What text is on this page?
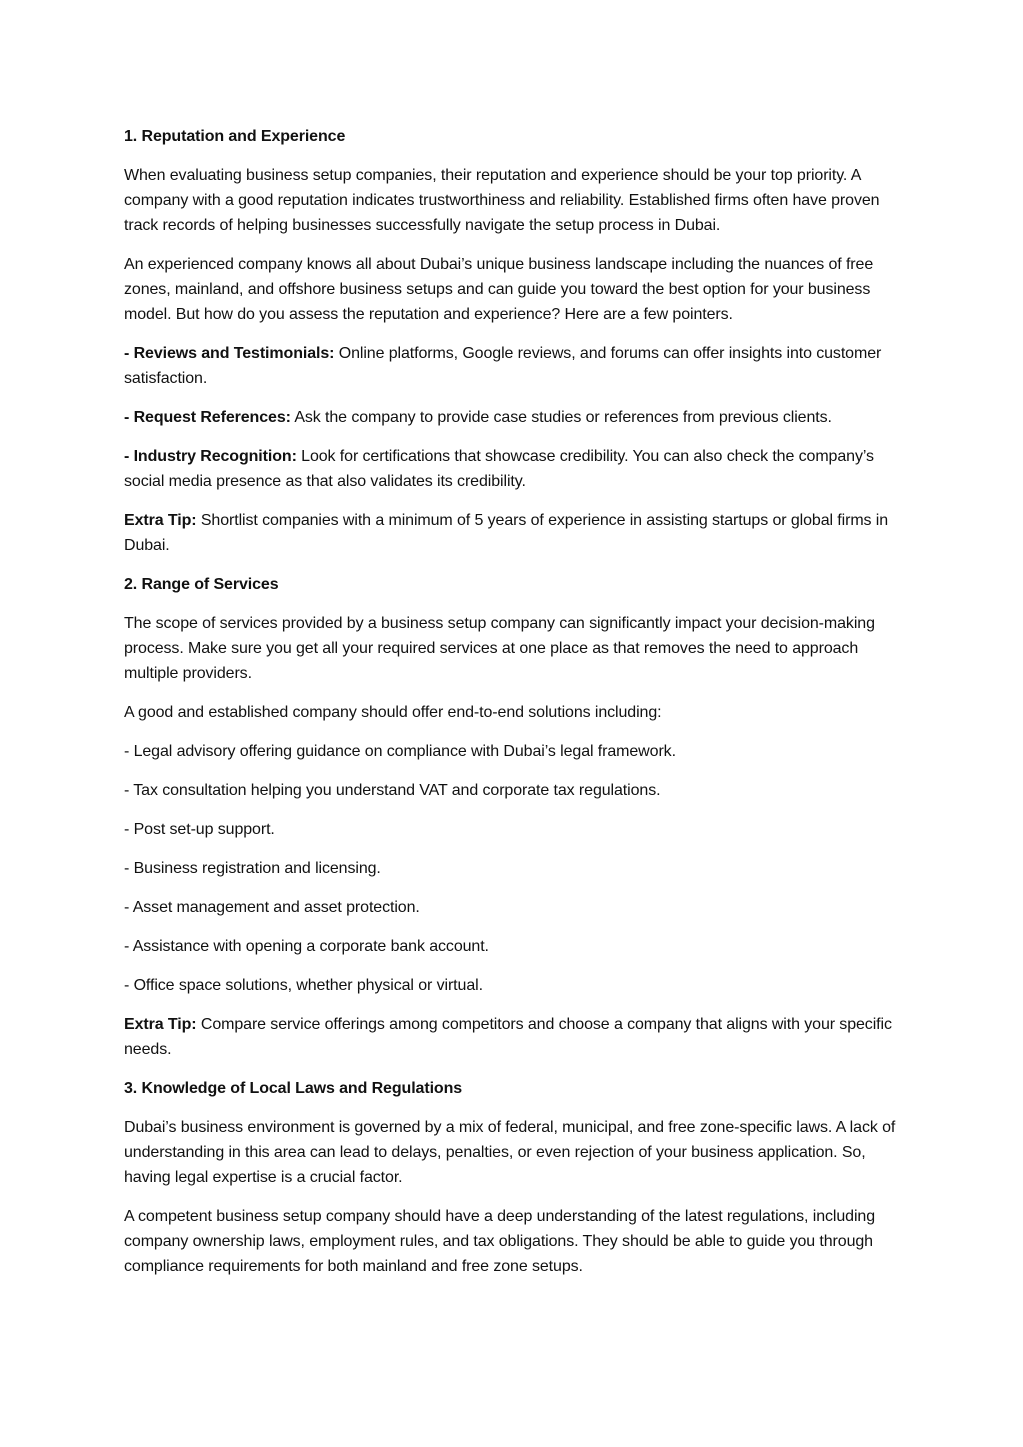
1. Reputation and Experience

When evaluating business setup companies, their reputation and experience should be your top priority. A company with a good reputation indicates trustworthiness and reliability. Established firms often have proven track records of helping businesses successfully navigate the setup process in Dubai.

An experienced company knows all about Dubai’s unique business landscape including the nuances of free zones, mainland, and offshore business setups and can guide you toward the best option for your business model. But how do you assess the reputation and experience? Here are a few pointers.

- Reviews and Testimonials: Online platforms, Google reviews, and forums can offer insights into customer satisfaction.

- Request References: Ask the company to provide case studies or references from previous clients.

- Industry Recognition: Look for certifications that showcase credibility. You can also check the company’s social media presence as that also validates its credibility.

Extra Tip: Shortlist companies with a minimum of 5 years of experience in assisting startups or global firms in Dubai.

2. Range of Services

The scope of services provided by a business setup company can significantly impact your decision-making process. Make sure you get all your required services at one place as that removes the need to approach multiple providers.

A good and established company should offer end-to-end solutions including:

- Legal advisory offering guidance on compliance with Dubai’s legal framework.

- Tax consultation helping you understand VAT and corporate tax regulations.

- Post set-up support.

- Business registration and licensing.

- Asset management and asset protection.

- Assistance with opening a corporate bank account.

- Office space solutions, whether physical or virtual.

Extra Tip: Compare service offerings among competitors and choose a company that aligns with your specific needs.

3. Knowledge of Local Laws and Regulations

Dubai’s business environment is governed by a mix of federal, municipal, and free zone-specific laws. A lack of understanding in this area can lead to delays, penalties, or even rejection of your business application. So, having legal expertise is a crucial factor.

A competent business setup company should have a deep understanding of the latest regulations, including company ownership laws, employment rules, and tax obligations. They should be able to guide you through compliance requirements for both mainland and free zone setups.
